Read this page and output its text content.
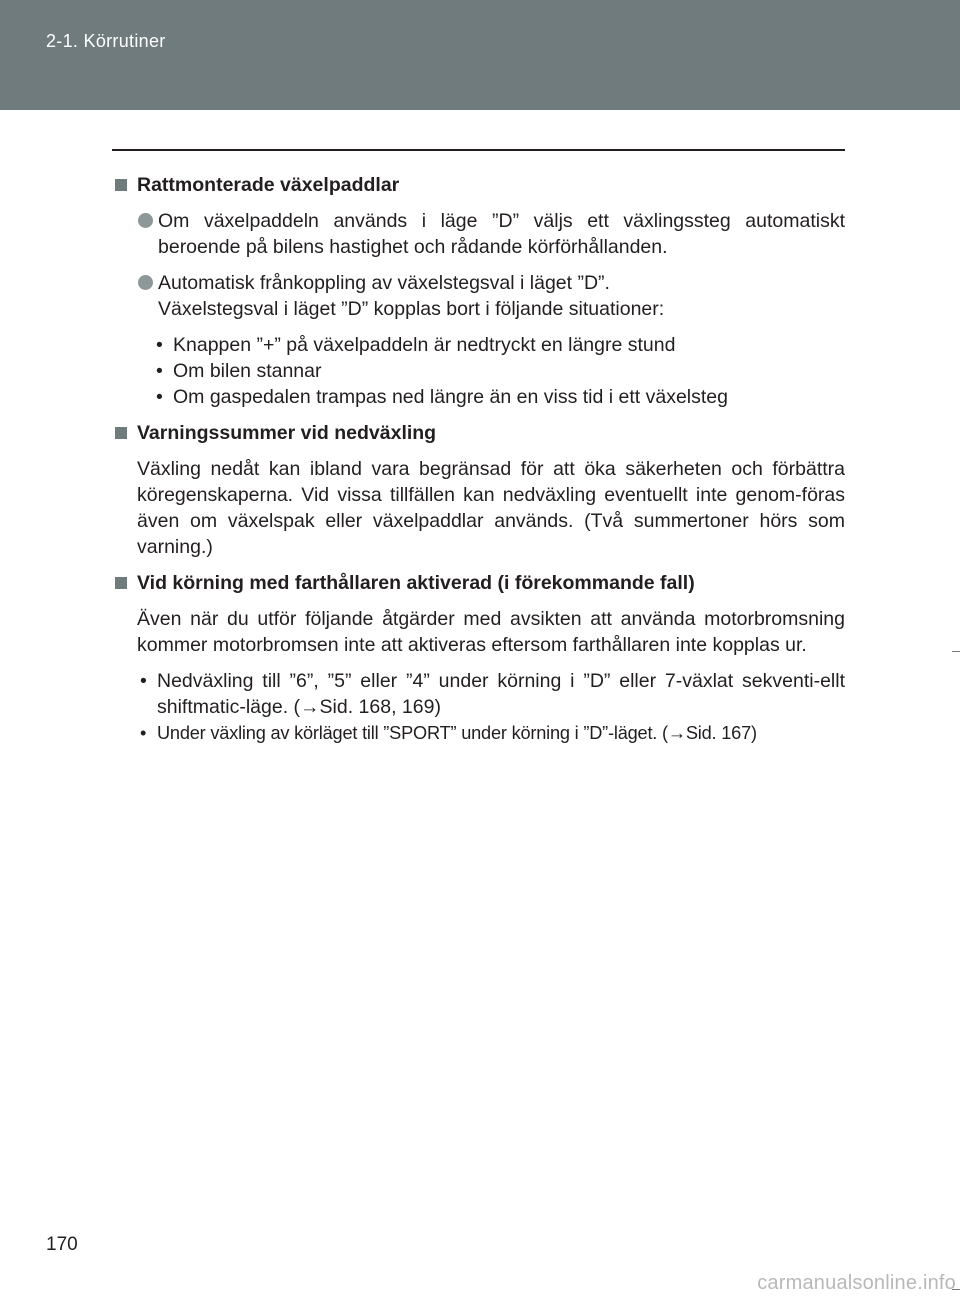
2-1. Körrutiner
Rattmonterade växelpaddlar
Om växelpaddeln används i läge ”D” väljs ett växlingssteg automatiskt beroende på bilens hastighet och rådande körförhållanden.
Automatisk frånkoppling av växelstegsval i läget ”D”.
Växelstegsval i läget ”D” kopplas bort i följande situationer:
• Knappen ”+” på växelpaddeln är nedtryckt en längre stund
• Om bilen stannar
• Om gaspedalen trampas ned längre än en viss tid i ett växelsteg
Varningssummer vid nedväxling
Växling nedåt kan ibland vara begränsad för att öka säkerheten och förbättra köregenskaperna. Vid vissa tillfällen kan nedväxling eventuellt inte genom-föras även om växelspak eller växelpaddlar används. (Två summertoner hörs som varning.)
Vid körning med farthållaren aktiverad (i förekommande fall)
Även när du utför följande åtgärder med avsikten att använda motorbromsning kommer motorbromsen inte att aktiveras eftersom farthållaren inte kopplas ur.
• Nedväxling till ”6”, ”5” eller ”4” under körning i ”D” eller 7-växlat sekventi-ellt shiftmatic-läge. (→Sid. 168, 169)
• Under växling av körläget till ”SPORT” under körning i ”D”-läget. (→Sid. 167)
170
carmanualsonline.info
